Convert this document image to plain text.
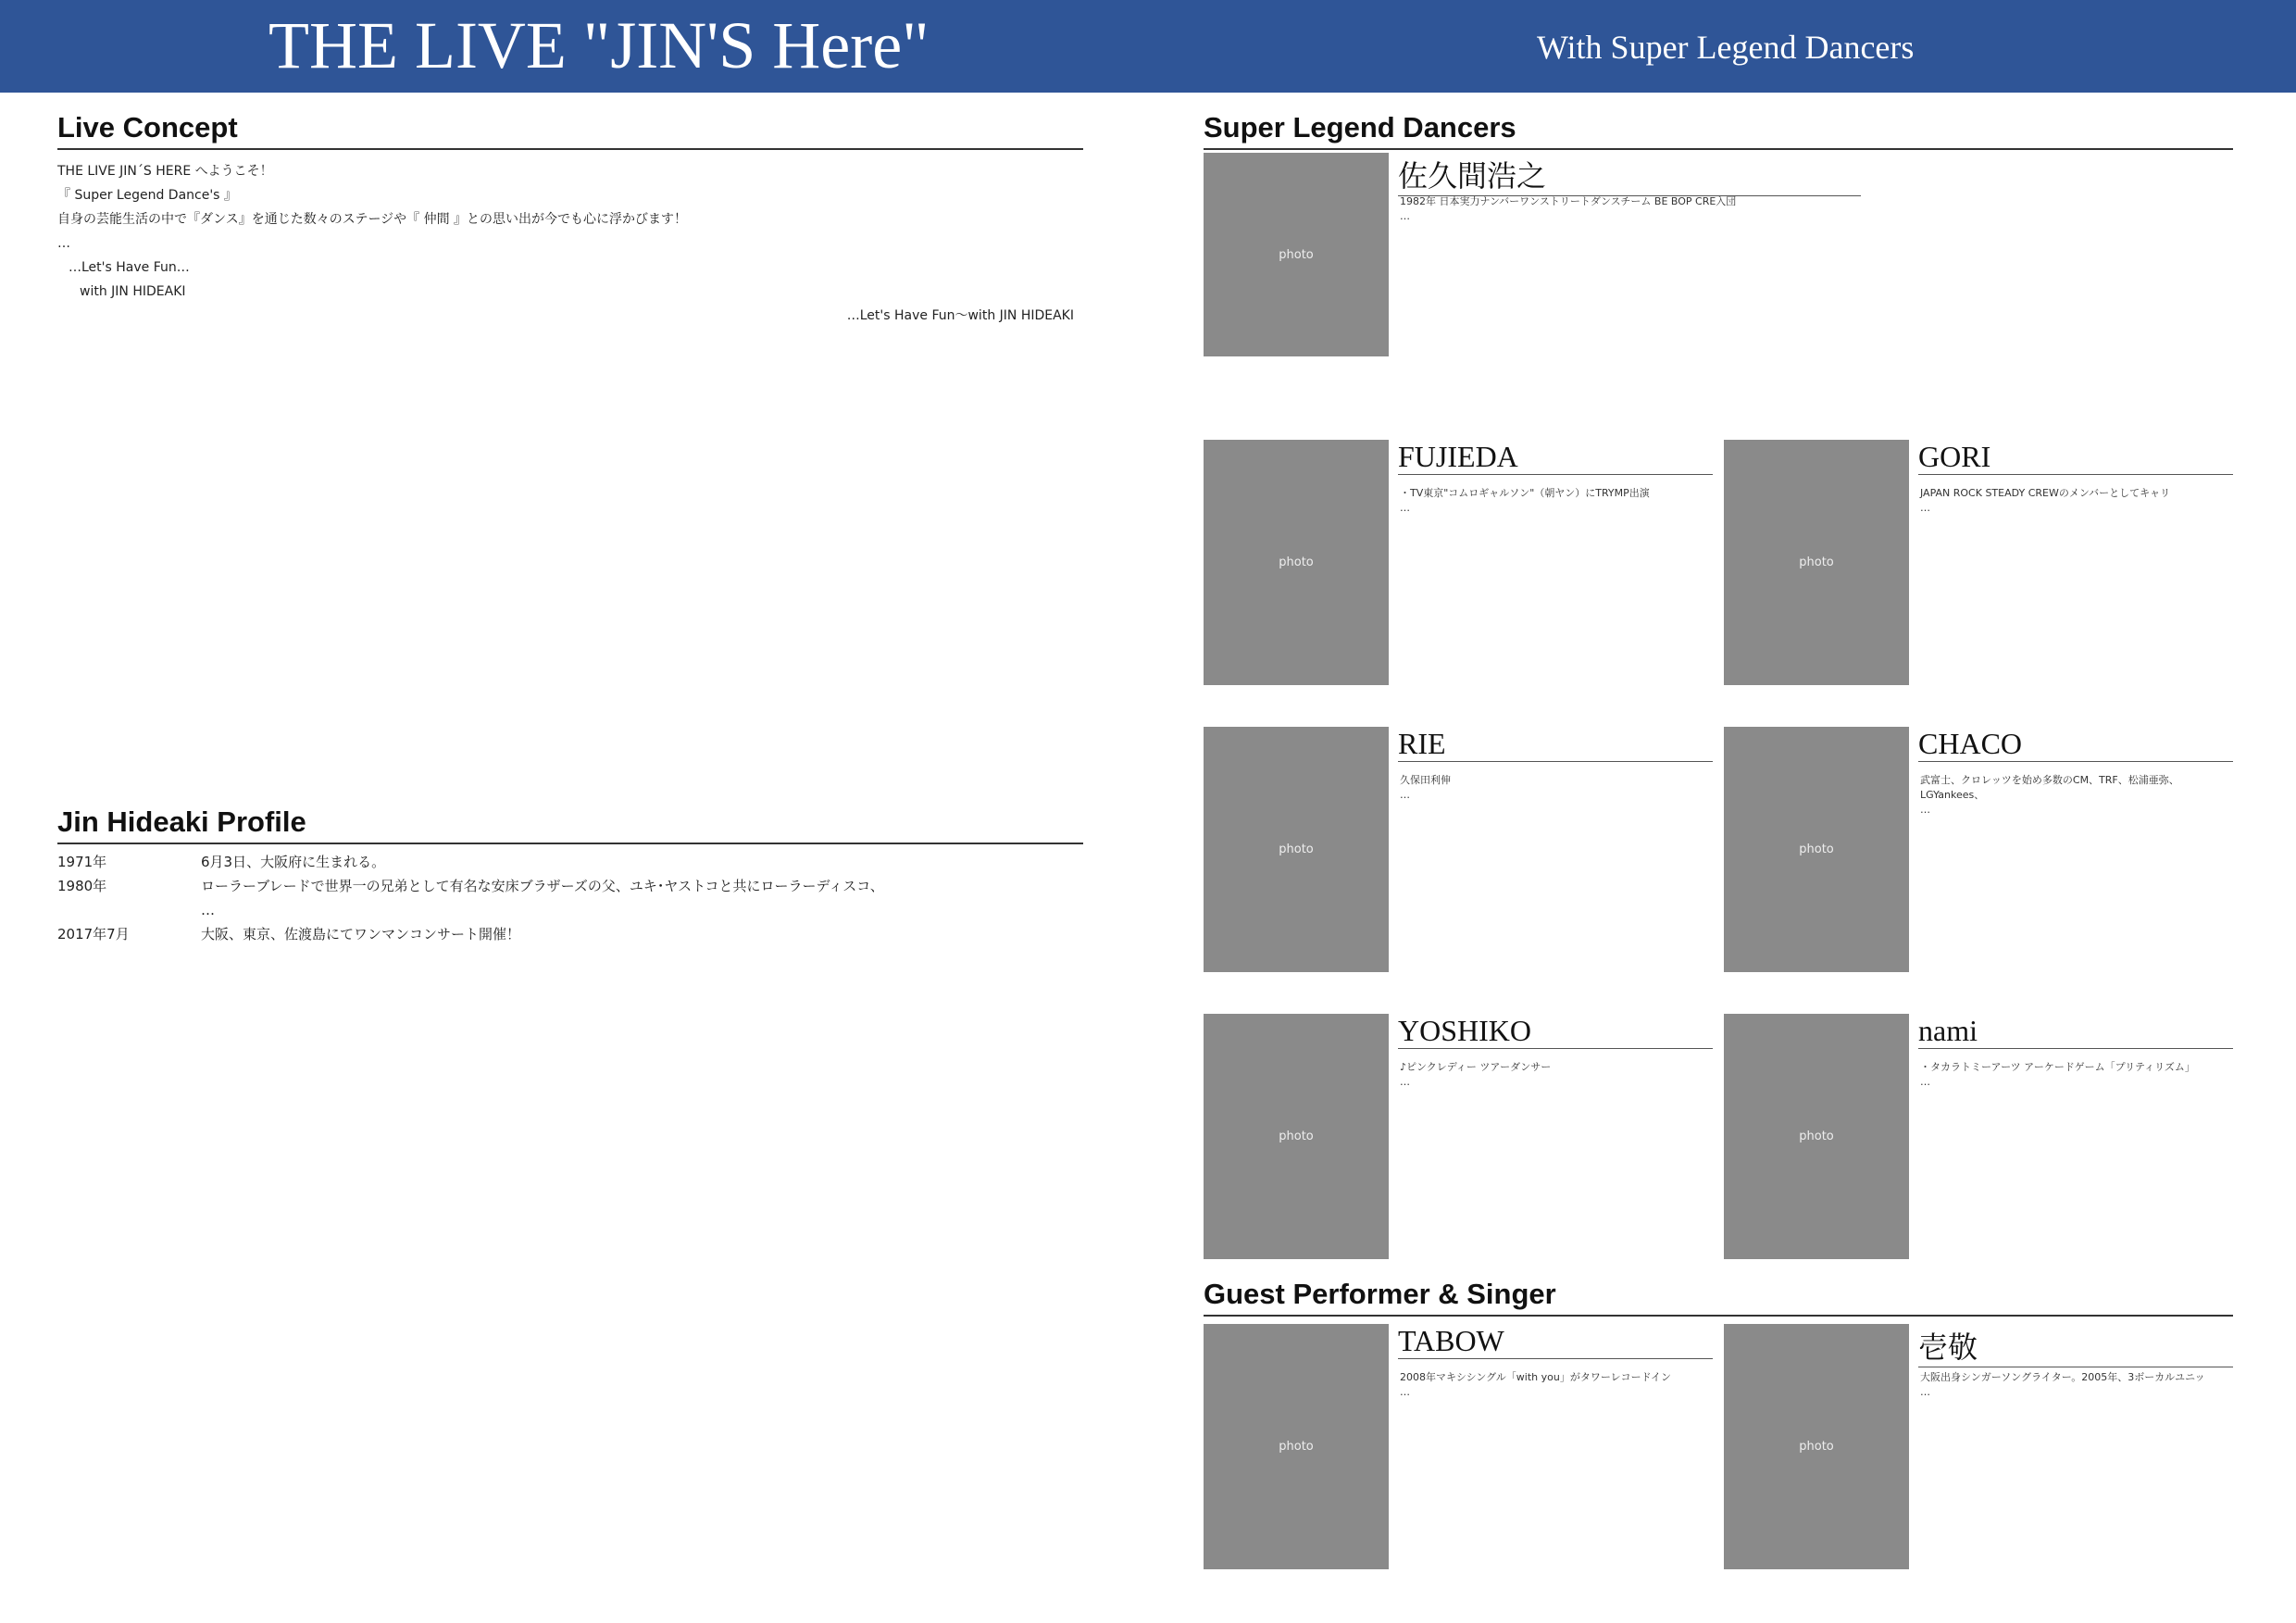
THE LIVE "JIN'S Here"	With Super Legend Dancers
Live Concept

THE LIVE JIN´S HERE へようこそ！

『 Super Legend Dance's 』

自身の芸能生活の中で『ダンス』を通じた数々のステージや『 仲間 』との思い出が今でも心に浮かびます！

…

…Let's Have Fun…

with JIN HIDEAKI

…Let's Have Fun〜with JIN HIDEAKI

Jin Hideaki Profile
1971年	6月3日、大阪府に生まれる。
1980年	ローラーブレードで世界一の兄弟として有名な安床ブラザーズの父、ユキ･ヤストコと共にローラーディスコ、
…
2017年7月	大阪、東京、佐渡島にてワンマンコンサート開催！
Super Legend Dancers
photo
佐久間浩之
1982年 日本実力ナンバーワンストリートダンスチーム BE BOP CRE入団
…
photo
FUJIEDA
・TV東京"コムロギャルソン"（朝ヤン）にTRYMP出演
…
photo
GORI
JAPAN ROCK STEADY CREWのメンバーとしてキャリ
…
photo
RIE
久保田利伸
…
photo
CHACO
武富士、クロレッツを始め多数のCM、TRF、松浦亜弥、LGYankees、
…
photo
YOSHIKO
♪ピンクレディー ツアーダンサー
…
photo
nami
・タカラトミーアーツ アーケードゲーム「プリティリズム」
…
Guest Performer & Singer
photo
TABOW
2008年マキシシングル「with you」がタワーレコードイン
…
photo
壱敬
大阪出身シンガーソングライター。2005年、3ボーカルユニッ
…
